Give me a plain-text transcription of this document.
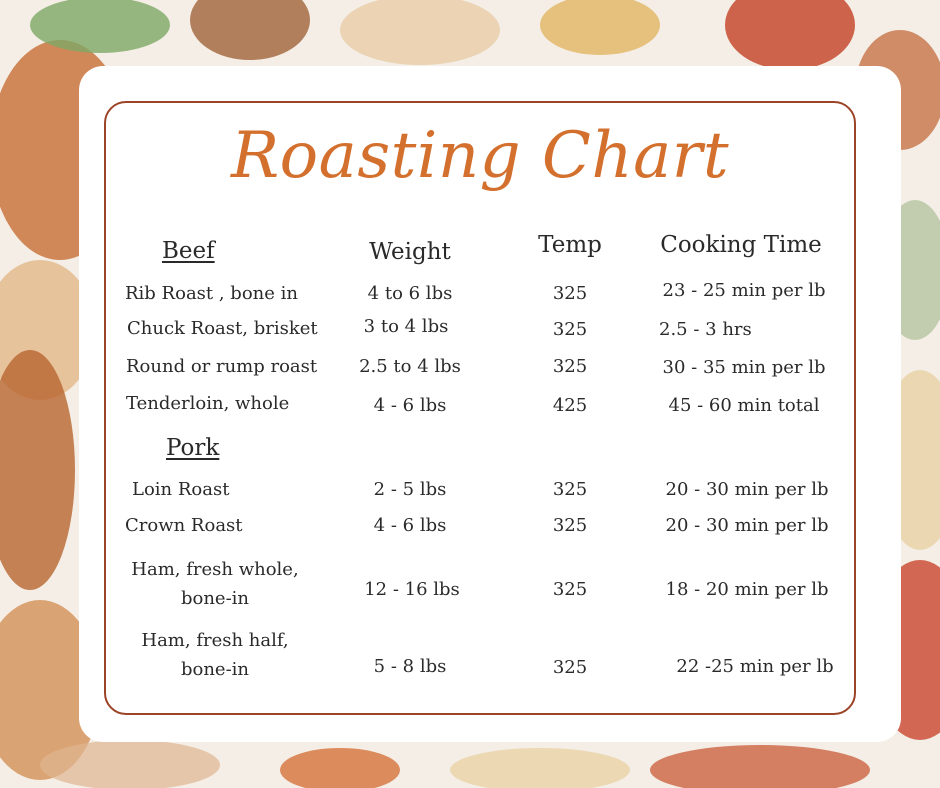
Roasting Chart
Beef	Weight	Temp	Cooking Time
Rib Roast , bone in	4 to 6 lbs	325	23 - 25 min per lb
Chuck Roast, brisket	3 to 4 lbs	325	2.5 - 3 hrs
Round or rump roast 2.5 to 4 lbs	325	30 - 35 min per lb
Tenderloin, whole	4 - 6 lbs	425	45 - 60 min total
Pork
Loin Roast	2 - 5 lbs	325	20 - 30 min per lb
Crown Roast	4 - 6 lbs	325	20 - 30 min per lb
Ham, fresh whole,
bone-in	12 - 16 lbs	325	18 - 20 min per lb
Ham, fresh half,
bone-in	5 - 8 lbs	325	22 -25 min per lb
